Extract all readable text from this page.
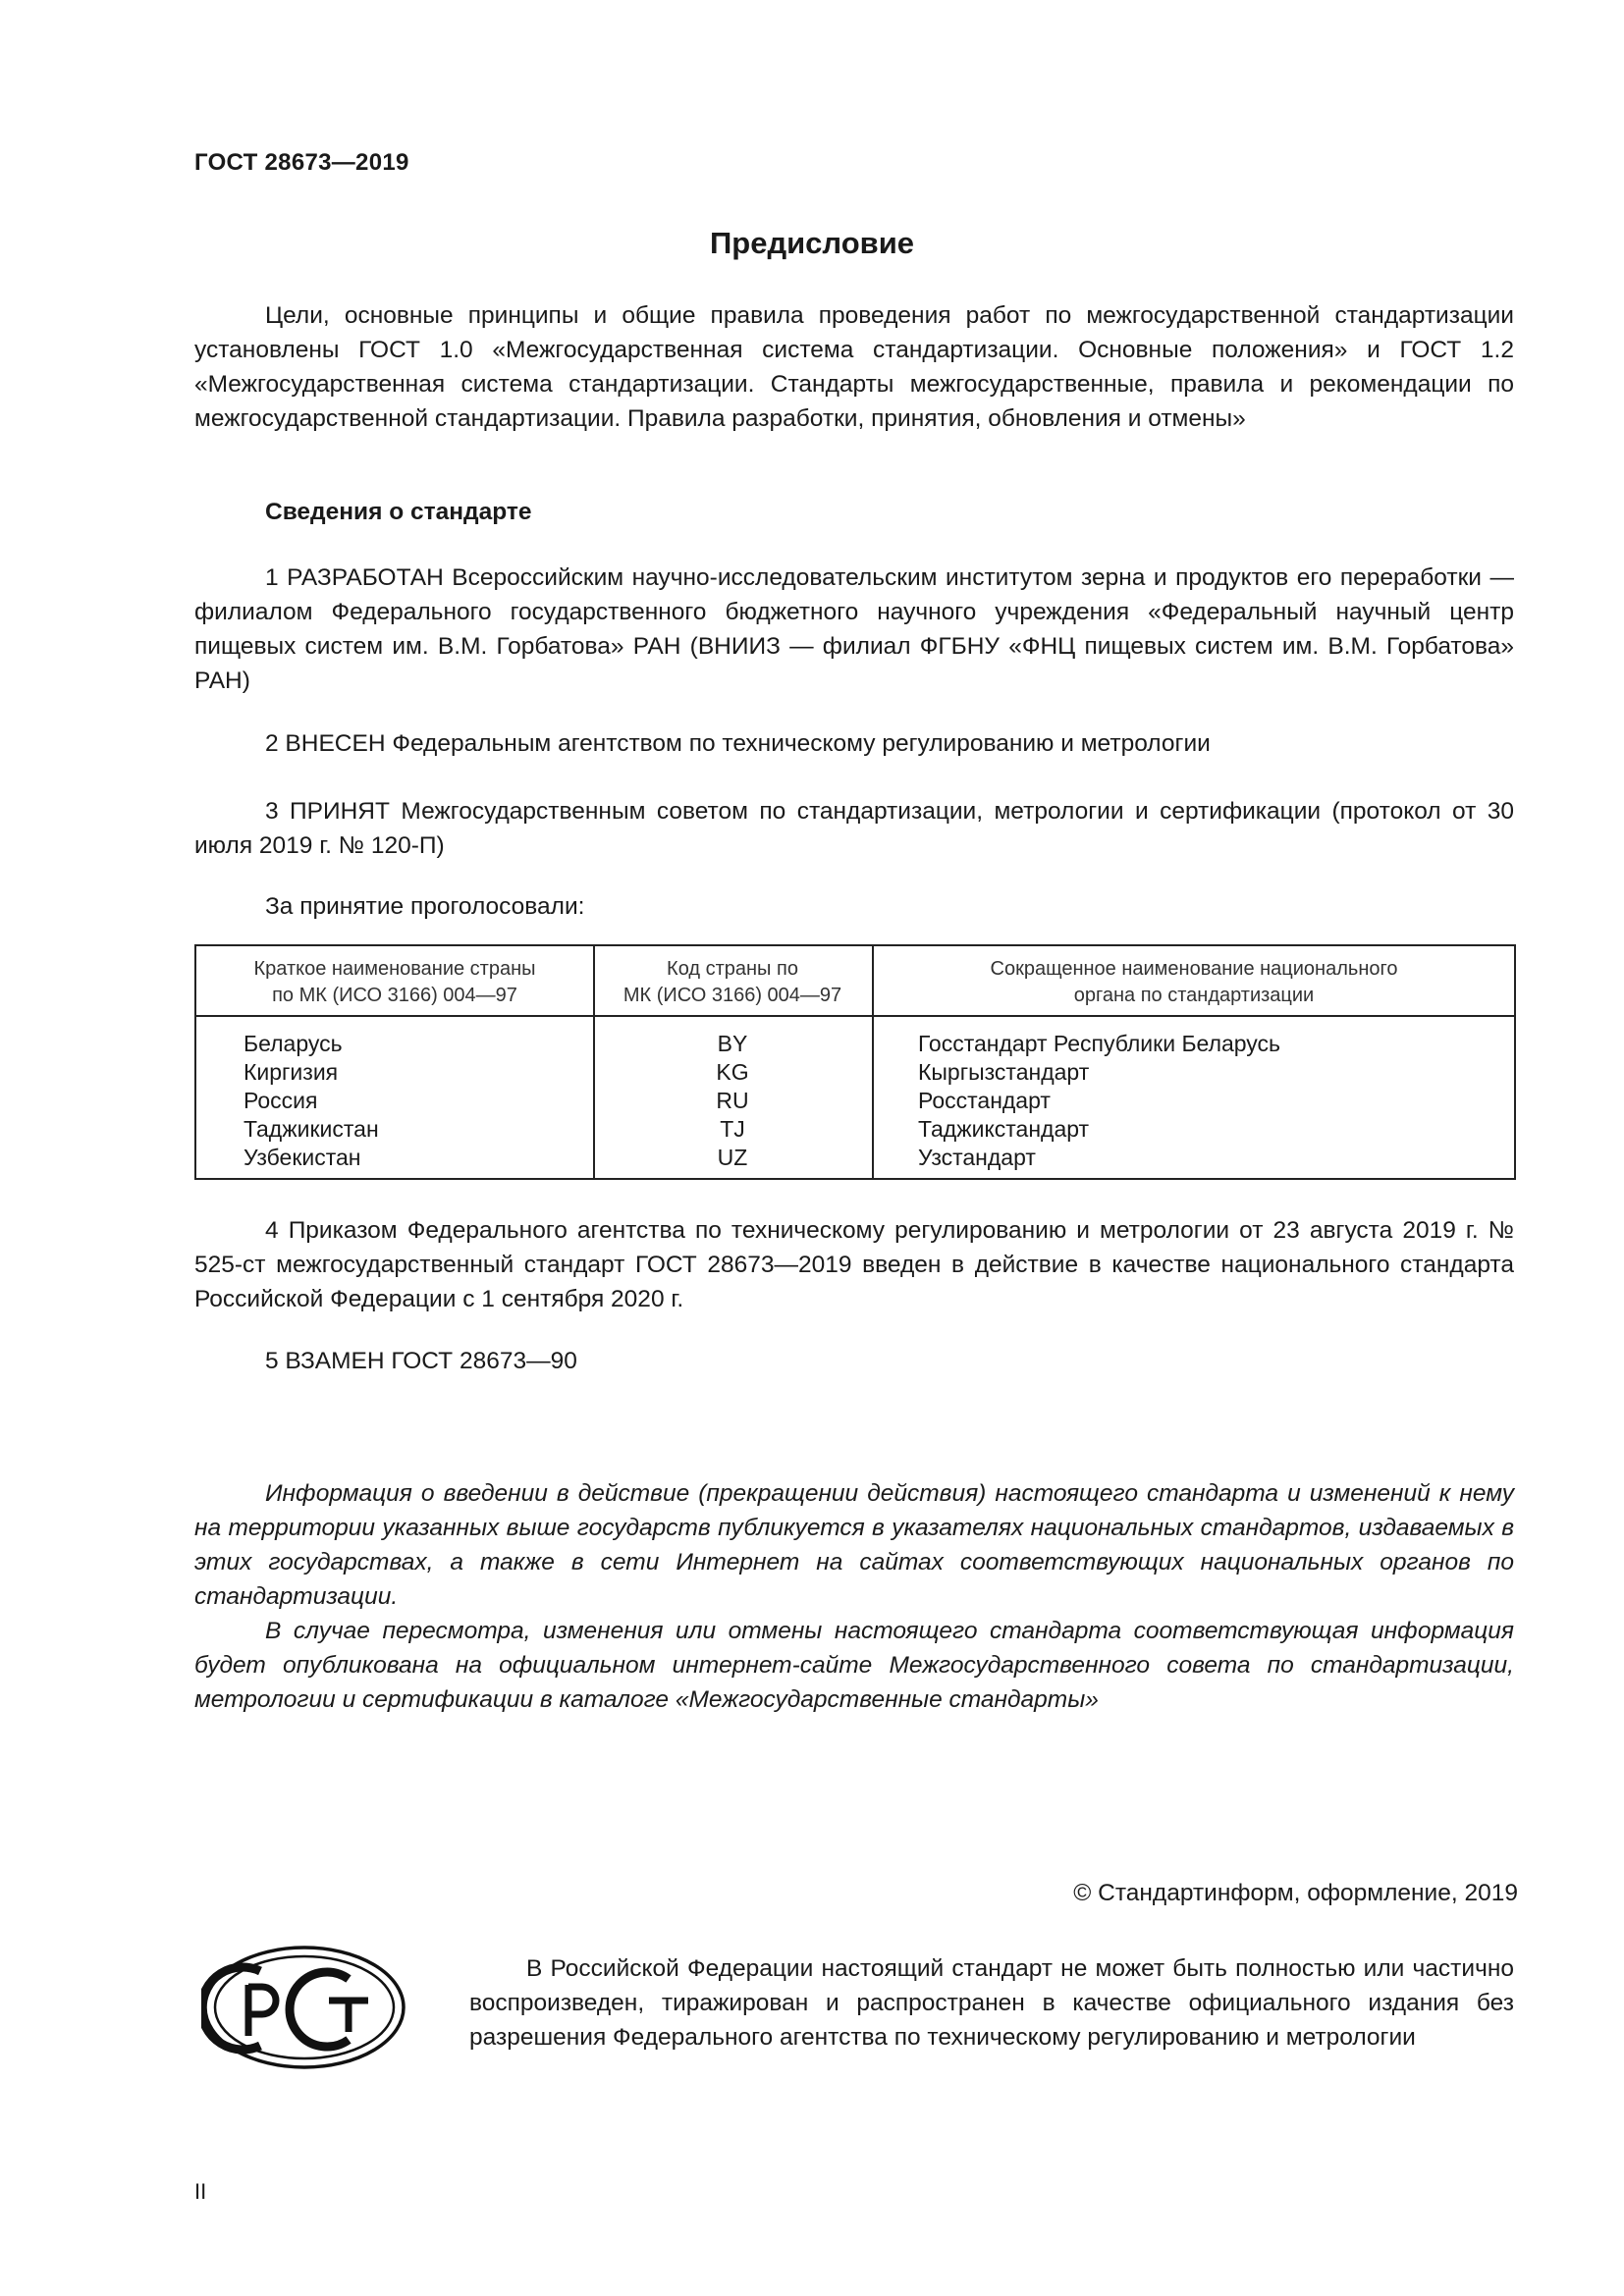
ГОСТ 28673—2019
Предисловие

Цели, основные принципы и общие правила проведения работ по межгосударственной стандартизации установлены ГОСТ 1.0 «Межгосударственная система стандартизации. Основные положения» и ГОСТ 1.2 «Межгосударственная система стандартизации. Стандарты межгосударственные, правила и рекомендации по межгосударственной стандартизации. Правила разработки, принятия, обновления и отмены»

Сведения о стандарте

1 РАЗРАБОТАН Всероссийским научно-исследовательским институтом зерна и продуктов его переработки — филиалом Федерального государственного бюджетного научного учреждения «Федеральный научный центр пищевых систем им. В.М. Горбатова» РАН (ВНИИЗ — филиал ФГБНУ «ФНЦ пищевых систем им. В.М. Горбатова» РАН)

2 ВНЕСЕН Федеральным агентством по техническому регулированию и метрологии

3 ПРИНЯТ Межгосударственным советом по стандартизации, метрологии и сертификации (протокол от 30 июля 2019 г. № 120-П)

За принятие проголосовали:
Краткое наименование страны
по МК (ИСО 3166) 004—97
Код страны по
МК (ИСО 3166) 004—97
Сокращенное наименование национального
органа по стандартизации
Беларусь
Киргизия
Россия
Таджикистан
Узбекистан
BY
KG
RU
TJ
UZ
Госстандарт Республики Беларусь
Кыргызстандарт
Росстандарт
Таджикстандарт
Узстандарт

4 Приказом Федерального агентства по техническому регулированию и метрологии от 23 августа 2019 г. № 525-ст межгосударственный стандарт ГОСТ 28673—2019 введен в действие в качестве национального стандарта Российской Федерации с 1 сентября 2020 г.

5 ВЗАМЕН ГОСТ 28673—90

Информация о введении в действие (прекращении действия) настоящего стандарта и изменений к нему на территории указанных выше государств публикуется в указателях национальных стандартов, издаваемых в этих государствах, а также в сети Интернет на сайтах соответствующих национальных органов по стандартизации.

В случае пересмотра, изменения или отмены настоящего стандарта соответствующая информация будет опубликована на официальном интернет-сайте Межгосударственного совета по стандартизации, метрологии и сертификации в каталоге «Межгосударственные стандарты»

© Стандартинформ, оформление, 2019

В Российской Федерации настоящий стандарт не может быть полностью или частично воспроизведен, тиражирован и распространен в качестве официального издания без разрешения Федерального агентства по техническому регулированию и метрологии

II
